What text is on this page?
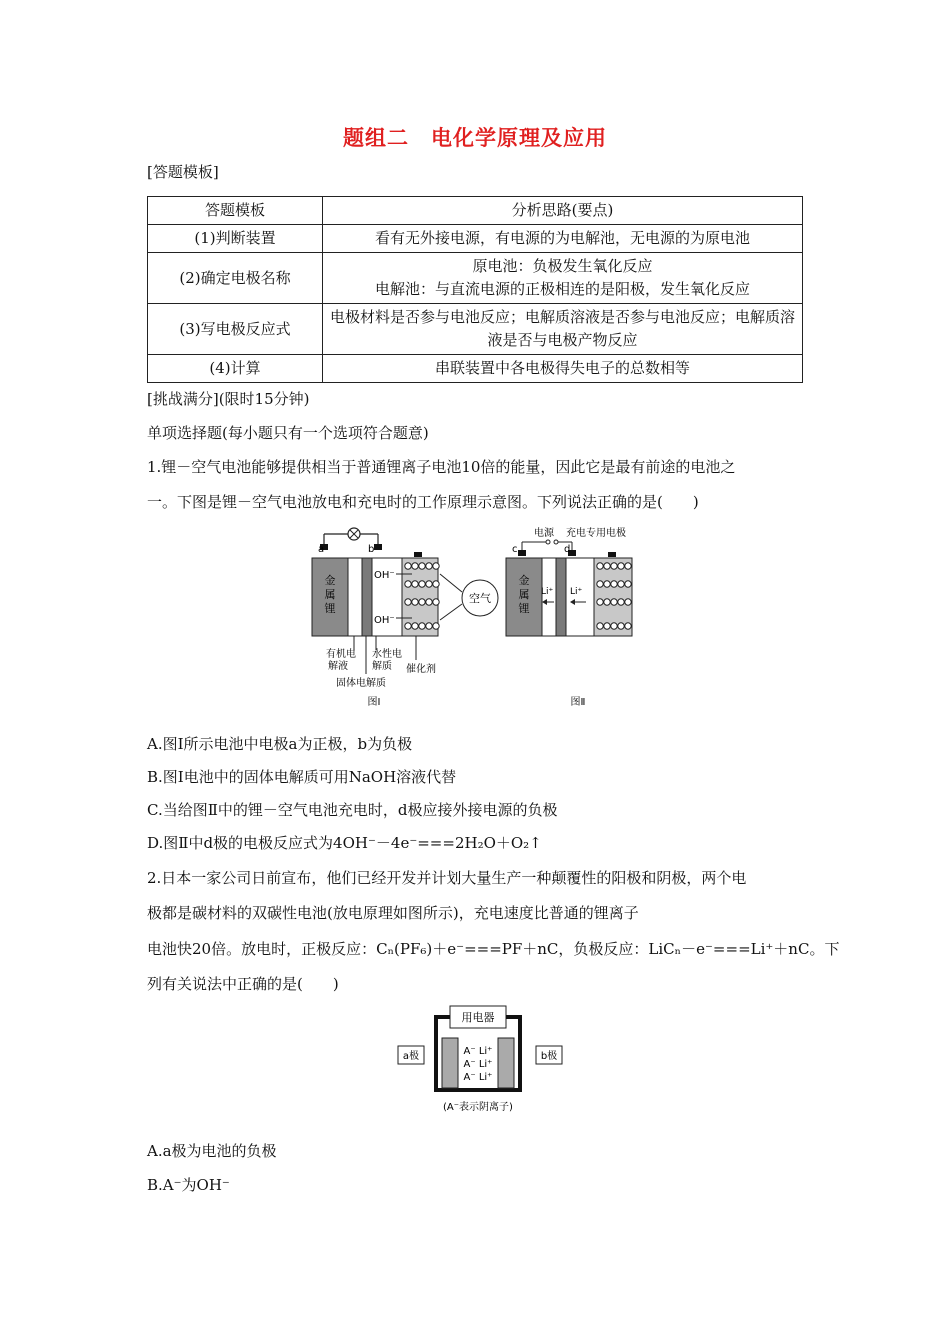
题组二　电化学原理及应用
[答题模板]
答题模板	分析思路(要点)
(1)判断装置	看有无外接电源，有电源的为电解池，无电源的为原电池
(2)确定电极名称	原电池：负极发生氧化反应
电解池：与直流电源的正极相连的是阳极，发生氧化反应

(3)写电极反应式	电极材料是否参与电池反应；电解质溶液是否参与电池反应；电解质溶液是否与电极产物反应
(4)计算	串联装置中各电极得失电子的总数相等
[挑战满分](限时15分钟)
单项选择题(每小题只有一个选项符合题意)
1.锂－空气电池能够提供相当于普通锂离子电池10倍的能量，因此它是最有前途的电池之
一。下图是锂－空气电池放电和充电时的工作原理示意图。下列说法正确的是(　　)
a	b
金
属
锂
OH⁻
OH⁻
空气
有机电
解液
水性电
解质 催化剂
固体电解质
图Ⅰ
电源 充电专用电极
c	d
金
属
锂
Li⁺ Li⁺
图Ⅱ
A.图Ⅰ所示电池中电极a为正极，b为负极
B.图Ⅰ电池中的固体电解质可用NaOH溶液代替
C.当给图Ⅱ中的锂－空气电池充电时，d极应接外接电源的负极
D.图Ⅱ中d极的电极反应式为4OH⁻－4e⁻===2H₂O＋O₂↑
2.日本一家公司日前宣布，他们已经开发并计划大量生产一种颠覆性的阳极和阴极，两个电
极都是碳材料的双碳性电池(放电原理如图所示)，充电速度比普通的锂离子
电池快20倍。放电时，正极反应：Cₙ(PF₆)＋e⁻===PF＋nC，负极反应：LiCₙ－e⁻===Li⁺＋nC。下
列有关说法中正确的是(　　)
用电器
a极	b极
A⁻ Li⁺
A⁻ Li⁺
A⁻ Li⁺
(A⁻表示阴离子)
A.a极为电池的负极
B.A⁻为OH⁻
